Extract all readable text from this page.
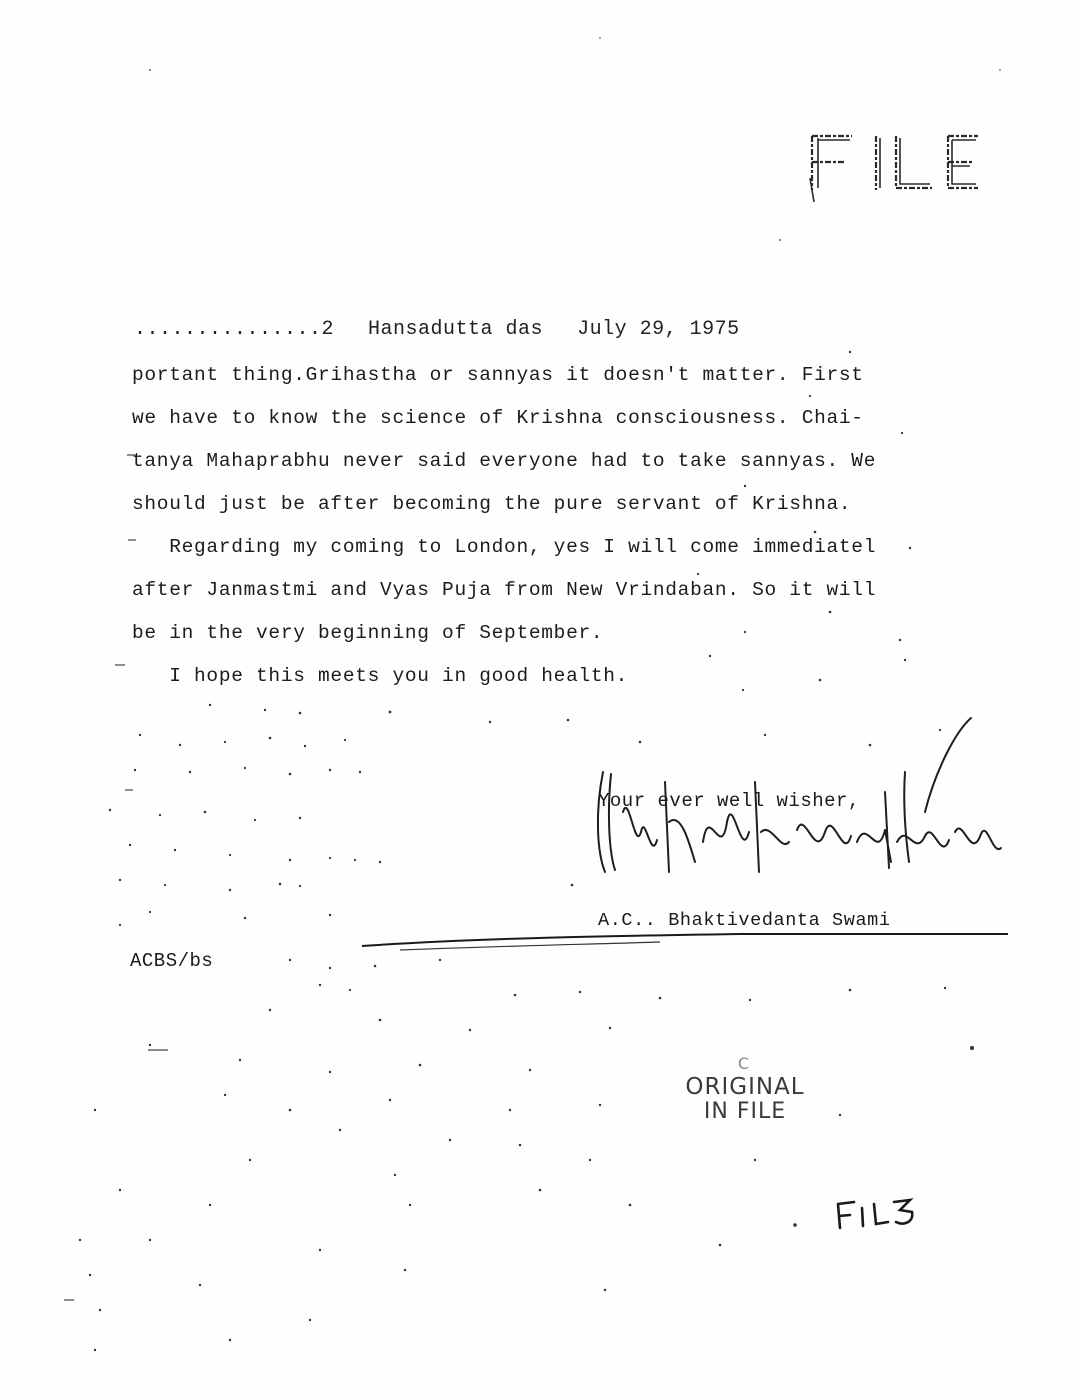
...............2 Hansadutta das July 29, 1975
portant thing.Grihastha or sannyas it doesn't matter. First
we have to know the science of Krishna consciousness. Chai-
tanya Mahaprabhu never said everyone had to take sannyas. We
should just be after becoming the pure servant of Krishna.
Regarding my coming to London, yes I will come immediatel
after Janmastmi and Vyas Puja from New Vrindaban. So it will
be in the very beginning of September.
I hope this meets you in good health.
Your ever well wisher,
A.C.. Bhaktivedanta Swami
ACBS/bs
C
ORIGINAL
IN FILE
